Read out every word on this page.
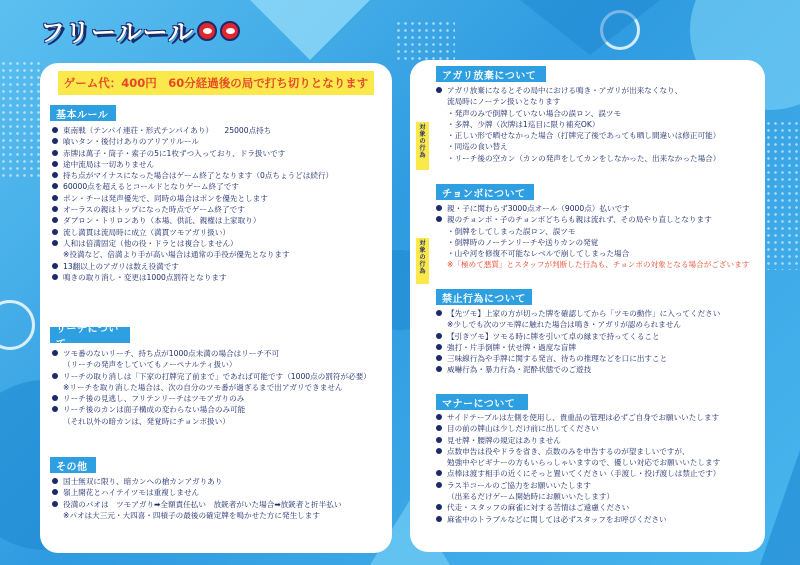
フリールール
ゲーム代：400円　60分経過後の局で打ち切りとなります
基本ルール
東南戦（テンパイ連荘・形式テンパイあり）　　25000点持ち
喰いタン・後付けありのアリアリルール
赤牌は萬子・筒子・索子の5に1枚ずつ入っており、ドラ扱いです
途中流局は一切ありません
持ち点がマイナスになった場合はゲーム終了となります（0点ちょうどは続行）
60000点を超えるとコールドとなりゲーム終了です
ポン・チーは発声優先で、同時の場合はポンを優先とします
オーラスの親はトップになった時点でゲーム終了です
ダブロン・トリロンあり（本場、供託、親権は上家取り）
流し満貫は流局時に成立（満貫ツモアガリ扱い）
人和は倍満固定（他の役・ドラとは複合しません）
※役満など、倍満より手が高い場合は通常の手役が優先となります
13翻以上のアガリは数え役満です
鳴きの取り消し・変更は1000点罰符となります
リーチについて
ツモ番のないリーチ、持ち点が1000点未満の場合はリーチ不可
（リーチの発声をしていてもノーペナルティ扱い）
リーチの取り消しは「下家の打牌完了前まで」であれば可能です（1000点の罰符が必要）
※リーチを取り消した場合は、次の自分のツモ番が過ぎるまで出アガリできません
リーチ後の見逃し、フリテンリーチはツモアガりのみ
リーチ後のカンは面子構成の変わらない場合のみ可能
（それ以外の暗カンは、発覚時にチョンボ扱い）
その他
国士無双に限り、暗カンへの槍カンアガりあり
嶺上開花とハイテイツモは重複しません
役満のパオは　ツモアガり➡全額責任払い　放銃者がいた場合➡放銃者と折半払い
※パオは大三元・大四喜・四槓子の最後の確定牌を鳴かせた方に発生します
アガリ放棄について
対象の行為
アガリ放棄になるとその局中における鳴き・アガリが出来なくなり、
流局時にノーテン扱いとなります
・発声のみで倒牌していない場合の誤ロン、誤ツモ
・多牌、少牌（次牌は1巡目に限り補充OK）
・正しい形で晒せなかった場合（打牌完了後であっても晒し間違いは修正可能）
・同巡の食い替え
・リーチ後の空カン（カンの発声をしてカンをしなかった、出来なかった場合）
チョンボについて
対象の行為
親・子に関わらず3000点オール（9000点）払いです
親のチョンボ・子のチョンボどちらも親は流れず、その局やり直しとなります
・倒牌をしてしまった誤ロン、誤ツモ
・倒牌時のノーテンリーチや送りカンの発覚
・山や河を修復不可能なレベルで崩してしまった場合
※「極めて悪質」とスタッフが判断した行為も、チョンボの対象となる場合がございます
禁止行為について
【先ヅモ】上家の方が切った牌を確認してから「ツモの動作」に入ってください
※少しでも次のツモ牌に触れた場合は鳴き・アガリが認められません
【引きヅモ】ツモる時に牌を引いて卓の縁まで持ってくること
強打・片手倒牌・伏せ牌・過度な盲牌
三味線行為や手牌に関する発言、待ちの推理などを口に出すこと
威嚇行為・暴力行為・泥酔状態でのご遊技
マナーについて
サイドテーブルは左側を使用し、貴重品の管理は必ずご自身でお願いいたします
目の前の牌山は少しだけ前に出してください
見せ牌・腰牌の規定はありません
点数申告は役やドラを省き、点数のみを申告するのが望ましいですが、
勉強中やビギナーの方もいらっしゃいますので、優しい対応でお願いいたします
点棒は渡す相手の近くにそっと置いてください（手渡し・投げ渡しは禁止です）
ラス半コールのご協力をお願いいたします
（出来るだけゲーム開始時にお願いいたします）
代走・スタッフの麻雀に対する苦情はご遠慮ください
麻雀中のトラブルなどに関しては必ずスタッフをお呼びください
